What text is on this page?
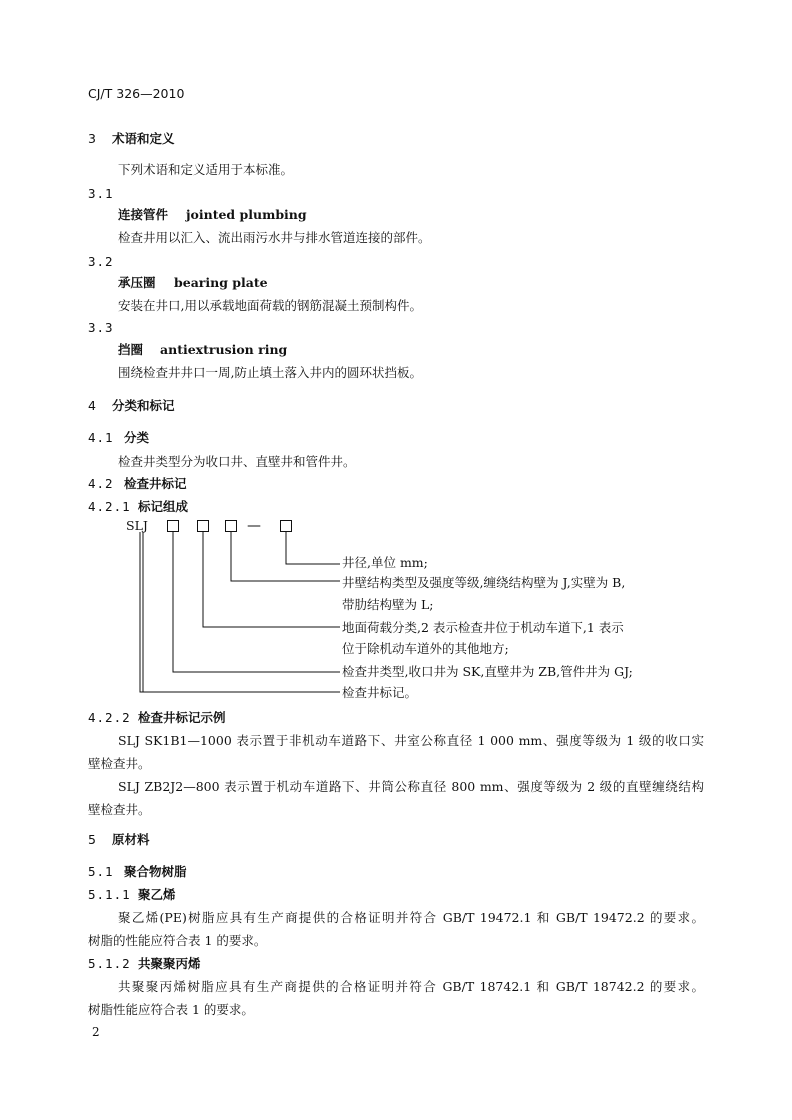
CJ/T 326—2010
3 术语和定义
下列术语和定义适用于本标准。
3.1
连接管件 jointed plumbing
检查井用以汇入、流出雨污水井与排水管道连接的部件。
3.2
承压圈 bearing plate
安装在井口,用以承载地面荷载的钢筋混凝土预制构件。
3.3
挡圈 antiextrusion ring
围绕检查井井口一周,防止填土落入井内的圆环状挡板。
4 分类和标记
4.1 分类
检查井类型分为收口井、直壁井和管件井。
4.2 检查井标记
4.2.1 标记组成
SLJ	—
井径,单位 mm;
井壁结构类型及强度等级,缠绕结构壁为 J,实壁为 B,
带肋结构壁为 L;
地面荷载分类,2 表示检查井位于机动车道下,1 表示
位于除机动车道外的其他地方;
检查井类型,收口井为 SK,直壁井为 ZB,管件井为 GJ;
检查井标记。
4.2.2 检查井标记示例
SLJ SK1B1—1000 表示置于非机动车道路下、井室公称直径 1 000 mm、强度等级为 1 级的收口实
壁检查井。
SLJ ZB2J2—800 表示置于机动车道路下、井筒公称直径 800 mm、强度等级为 2 级的直壁缠绕结构
壁检查井。
5 原材料
5.1 聚合物树脂
5.1.1 聚乙烯
聚乙烯(PE)树脂应具有生产商提供的合格证明并符合 GB/T 19472.1 和 GB/T 19472.2 的要求。
树脂的性能应符合表 1 的要求。
5.1.2 共聚聚丙烯
共聚聚丙烯树脂应具有生产商提供的合格证明并符合 GB/T 18742.1 和 GB/T 18742.2 的要求。
树脂性能应符合表 1 的要求。
2
